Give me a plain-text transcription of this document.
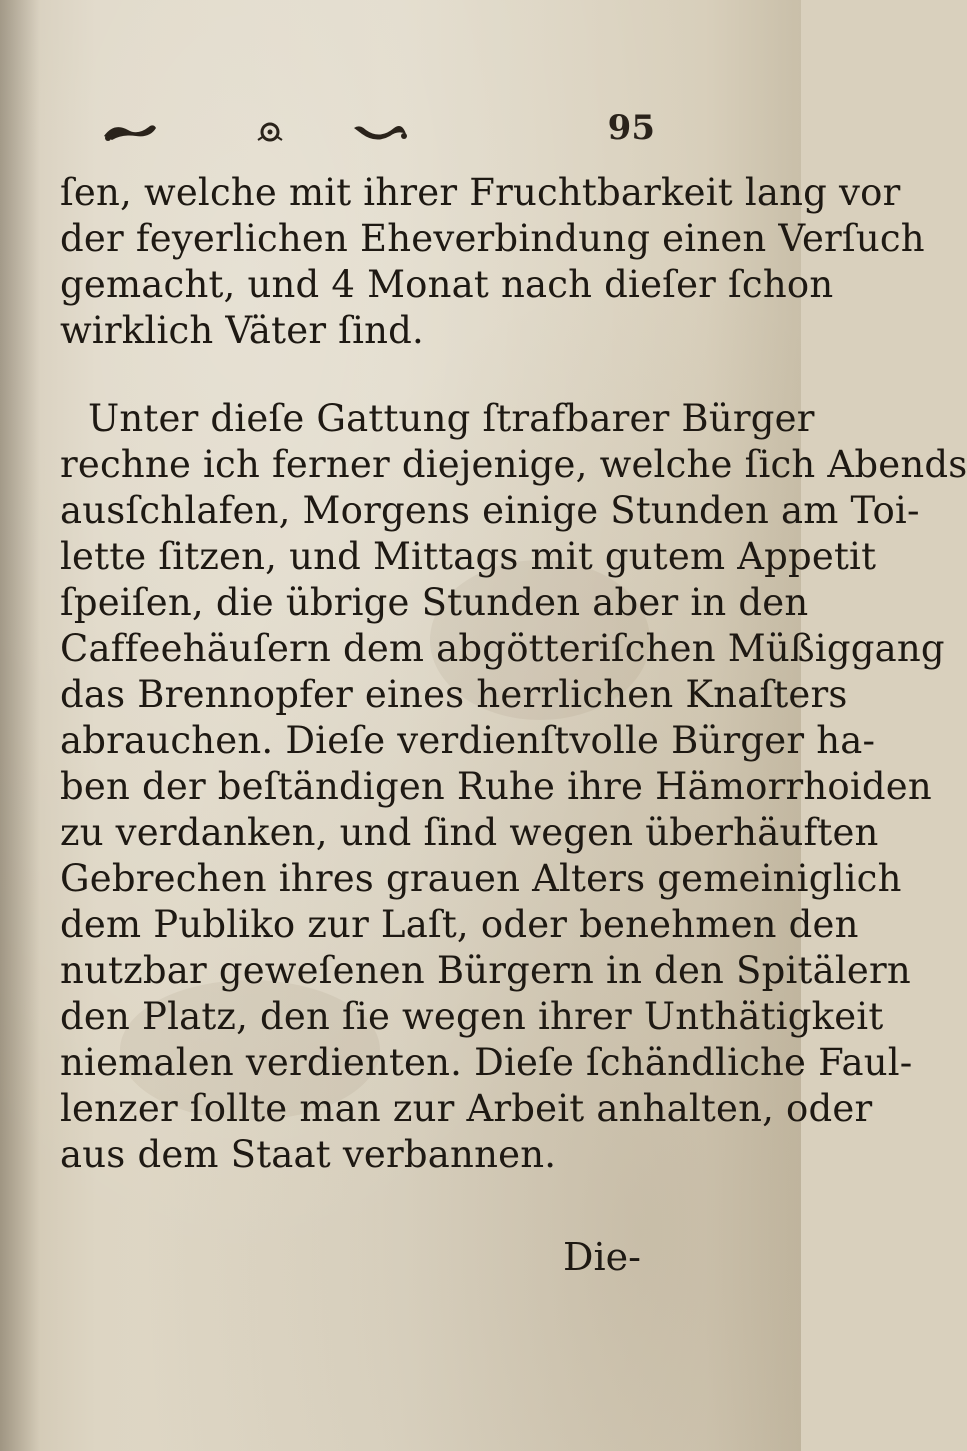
95
ſen, welche mit ihrer Fruchtbarkeit lang vor
der feyerlichen Eheverbindung einen Verſuch
gemacht, und 4 Monat nach dieſer ſchon
wirklich Väter ſind.
Unter dieſe Gattung ſtrafbarer Bürger
rechne ich ferner diejenige, welche ſich Abends
ausſchlafen, Morgens einige Stunden am Toi-
lette ſitzen, und Mittags mit gutem Appetit
ſpeiſen, die übrige Stunden aber in den
Caffeehäuſern dem abgötteriſchen Müßiggang
das Brennopfer eines herrlichen Knaſters
abrauchen. Dieſe verdienſtvolle Bürger ha-
ben der beſtändigen Ruhe ihre Hämorrhoiden
zu verdanken, und ſind wegen überhäuften
Gebrechen ihres grauen Alters gemeiniglich
dem Publiko zur Laſt, oder benehmen den
nutzbar geweſenen Bürgern in den Spitälern
den Platz, den ſie wegen ihrer Unthätigkeit
niemalen verdienten. Dieſe ſchändliche Faul-
lenzer ſollte man zur Arbeit anhalten, oder
aus dem Staat verbannen.
Die-
